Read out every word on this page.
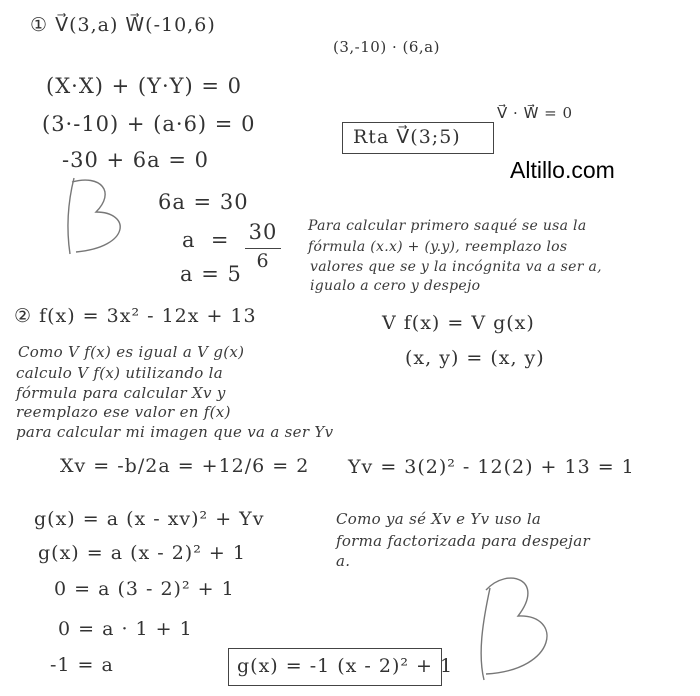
Altillo.com
① V⃗(3,a) W⃗(-10,6)
(3,-10) · (6,a)
(X·X) + (Y·Y) = 0
(3·-10) + (a·6) = 0
-30 + 6a = 0
6a = 30
a  = 30
6
a = 5
Rta V⃗(3;5)
V⃗ · W⃗ = 0
Para calcular primero saqué se usa la
fórmula (x.x) + (y.y), reemplazo los
valores que se y la incógnita va a ser a,
igualo a cero y despejo
② f(x) = 3x² - 12x + 13	V f(x) = V g(x)
(x, y) = (x, y)
Como V f(x) es igual a V g(x)
calculo V f(x) utilizando la
fórmula para calcular Xv y
reemplazo ese valor en f(x)
para calcular mi imagen que va a ser Yv
Xv = -b/2a = +12/6 = 2 Yv = 3(2)² - 12(2) + 13 = 1
g(x) = a (x - xv)² + Yv
g(x) = a (x - 2)² + 1
0 = a (3 - 2)² + 1
0 = a · 1 + 1
-1 = a
Como ya sé Xv e Yv uso la
forma factorizada para despejar
a.
g(x) = -1 (x - 2)² + 1
